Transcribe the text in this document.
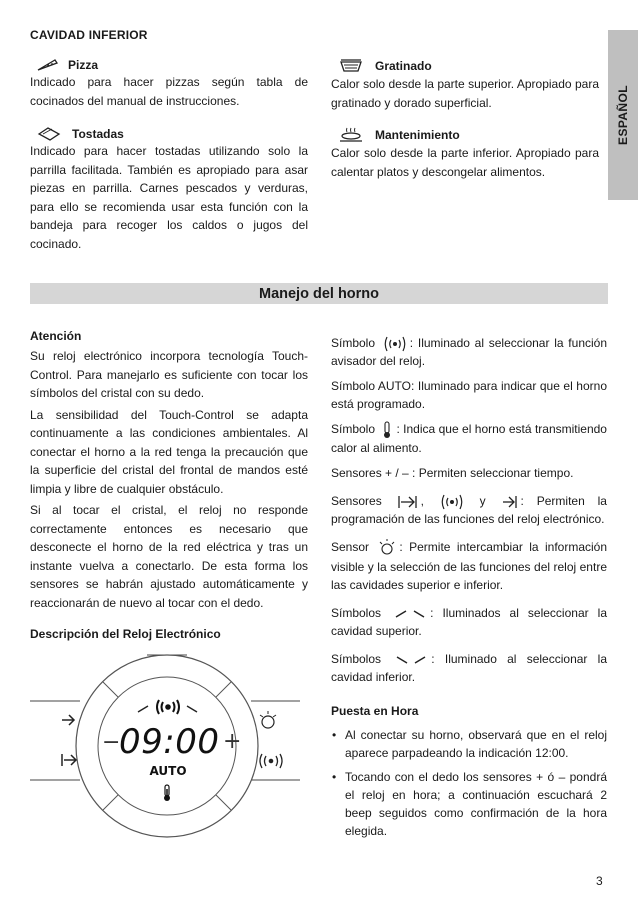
ESPAÑOL
CAVIDAD INFERIOR
Pizza
Indicado para hacer pizzas según tabla de cocinados del manual de instrucciones.
Tostadas
Indicado para hacer tostadas utilizando solo la parrilla facilitada. También es apropiado para asar piezas en parrilla. Carnes pescados y verduras, para ello se recomienda usar esta función con la bandeja para recoger los caldos o jugos del cocinado.
Gratinado
Calor solo desde la parte superior. Apropiado para gratinado y dorado superficial.
Mantenimiento
Calor solo desde la parte inferior. Apropiado para calentar platos y descongelar alimentos.
Manejo del horno
Atención
Su reloj electrónico incorpora tecnología Touch-Control. Para manejarlo es suficiente con tocar los símbolos del cristal con su dedo.
La sensibilidad del Touch-Control se adapta continuamente a las condiciones ambientales. Al conectar el horno a la red tenga la precaución que la superficie del cristal del frontal de mandos esté limpia y libre de cualquier obstáculo.
Si al tocar el cristal, el reloj no responde correctamente entonces es necesario que desconecte el horno de la red eléctrica y tras un instante vuelva a conectarlo. De esta forma los sensores se habrán ajustado automáticamente y reaccionarán de nuevo al tocar con el dedo.
Descripción del Reloj Electrónico
−
09:00 +
AUTO
Símbolo	: Iluminado al seleccionar la función avisador del reloj.
Símbolo AUTO: Iluminado para indicar que el horno está programado.
Símbolo : Indica que el horno está transmitiendo calor al alimento.
Sensores + / – : Permiten seleccionar tiempo.
Sensores	,	y	: Permiten la programación de las funciones del reloj electrónico.
Sensor	: Permite intercambiar la información visible y la selección de las funciones del reloj entre las cavidades superior e inferior.
Símbolos	: Iluminados al seleccionar la cavidad superior.
Símbolos	: Iluminado al seleccionar la cavidad inferior.
Puesta en Hora
• Al conectar su horno, observará que en el reloj aparece parpadeando la indicación 12:00.
• Tocando con el dedo los sensores + ó – pondrá el reloj en hora; a continuación escuchará 2 beep seguidos como confirmación de la hora elegida.
3
